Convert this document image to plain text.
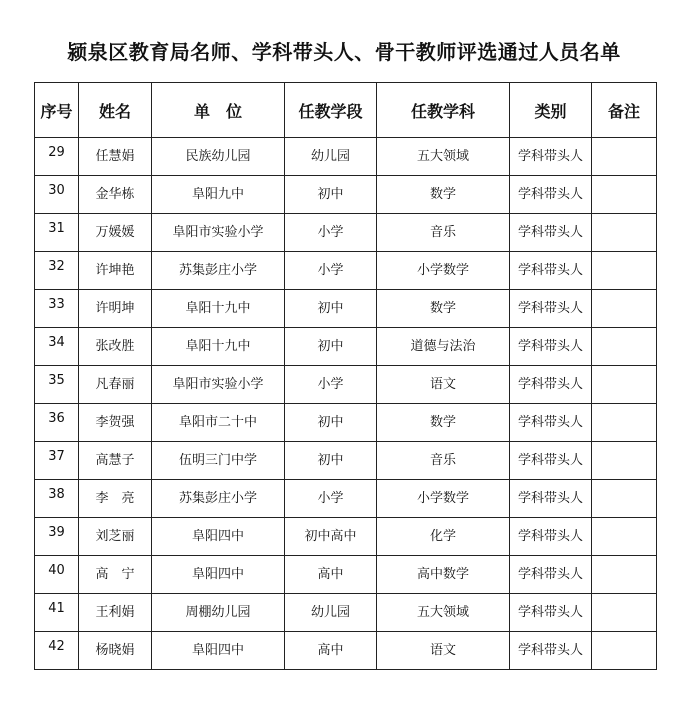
颍泉区教育局名师、学科带头人、骨干教师评选通过人员名单
序号	姓名	单　位	任教学段	任教学科	类别	备注
29	任慧娟	民族幼儿园	幼儿园	五大领域	学科带头人	
30	金华栋	阜阳九中	初中	数学	学科带头人	
31	万媛媛	阜阳市实验小学	小学	音乐	学科带头人	
32	许坤艳	苏集彭庄小学	小学	小学数学	学科带头人	
33	许明坤	阜阳十九中	初中	数学	学科带头人	
34	张改胜	阜阳十九中	初中	道德与法治	学科带头人	
35	凡春丽	阜阳市实验小学	小学	语文	学科带头人	
36	李贺强	阜阳市二十中	初中	数学	学科带头人	
37	高慧子	伍明三门中学	初中	音乐	学科带头人	
38	李　亮	苏集彭庄小学	小学	小学数学	学科带头人	
39	刘芝丽	阜阳四中	初中高中	化学	学科带头人	
40	高　宁	阜阳四中	高中	高中数学	学科带头人	
41	王利娟	周棚幼儿园	幼儿园	五大领域	学科带头人	
42	杨晓娟	阜阳四中	高中	语文	学科带头人	
